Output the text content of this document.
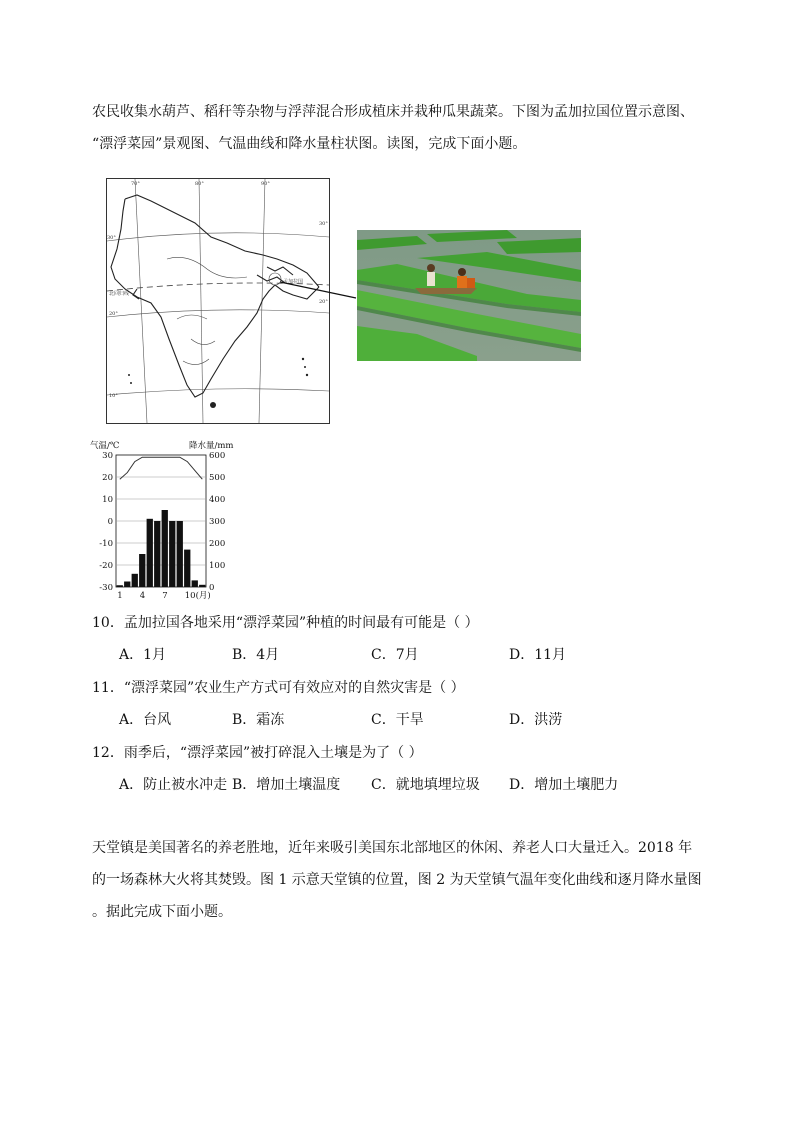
农民收集水葫芦、稻秆等杂物与浮萍混合形成植床并栽种瓜果蔬菜。下图为孟加拉国位置示意图、
“漂浮菜园”景观图、气温曲线和降水量柱状图。读图，完成下面小题。
70°	80°	90°
30°
20°
10°
30°
20°
北回归线
孟加拉国
气温/℃	降水量/mm
30
20
10
0
-10
-20
-30
600
500
400
300
200
100
0
1 4 7 10(月)
10．孟加拉国各地采用“漂浮菜园”种植的时间最有可能是（ ）
A．1月	B．4月	C．7月	D．11月
11．“漂浮菜园”农业生产方式可有效应对的自然灾害是（ ）
A．台风	B．霜冻	C．干旱	D．洪涝
12．雨季后，“漂浮菜园”被打碎混入土壤是为了（ ）
A．防止被水冲走 B．增加土壤温度 C．就地填埋垃圾 D．增加土壤肥力
天堂镇是美国著名的养老胜地，近年来吸引美国东北部地区的休闲、养老人口大量迁入。2018 年
的一场森林大火将其焚毁。图 1 示意天堂镇的位置，图 2 为天堂镇气温年变化曲线和逐月降水量图
。据此完成下面小题。
